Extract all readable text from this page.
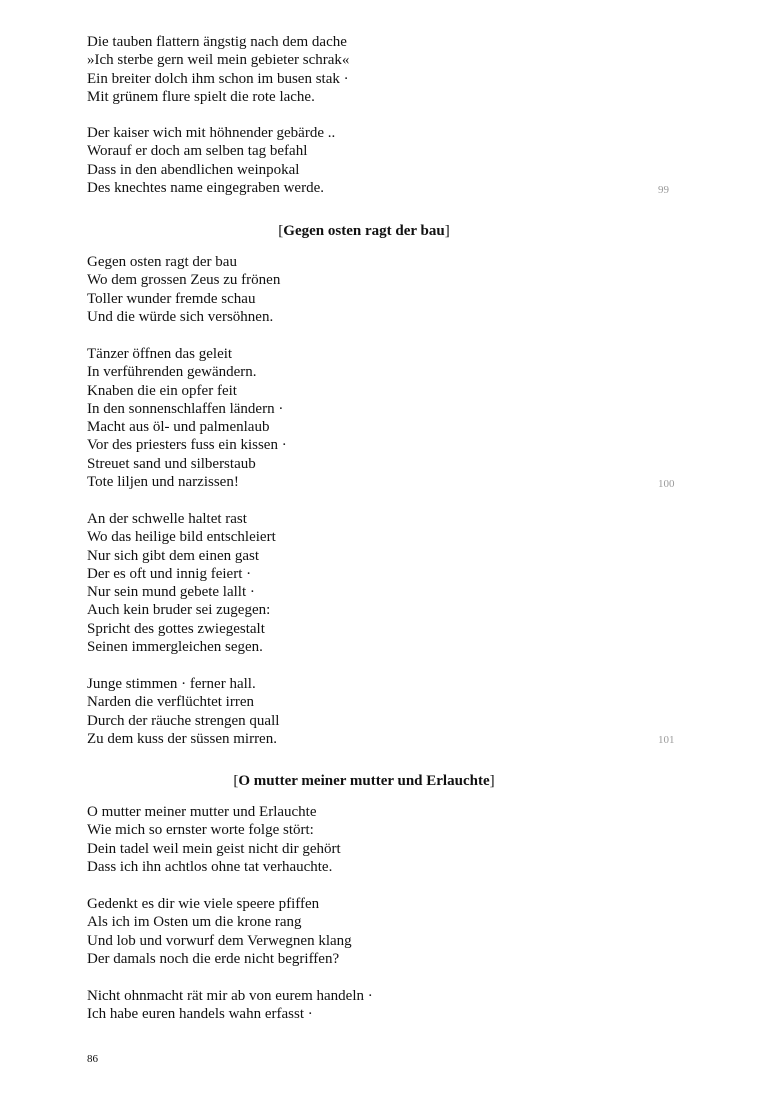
Die tauben flattern ängstig nach dem dache
»Ich sterbe gern weil mein gebieter schrak«
Ein breiter dolch ihm schon im busen stak ·
Mit grünem flure spielt die rote lache.
Der kaiser wich mit höhnender gebärde ..
Worauf er doch am selben tag befahl
Dass in den abendlichen weinpokal
Des knechtes name eingegraben werde.	99
[Gegen osten ragt der bau]
Gegen osten ragt der bau
Wo dem grossen Zeus zu frönen
Toller wunder fremde schau
Und die würde sich versöhnen.
Tänzer öffnen das geleit
In verführenden gewändern.
Knaben die ein opfer feit
In den sonnenschlaffen ländern ·
Macht aus öl- und palmenlaub
Vor des priesters fuss ein kissen ·
Streuet sand und silberstaub
Tote liljen und narzissen!	100
An der schwelle haltet rast
Wo das heilige bild entschleiert
Nur sich gibt dem einen gast
Der es oft und innig feiert ·
Nur sein mund gebete lallt ·
Auch kein bruder sei zugegen:
Spricht des gottes zwiegestalt
Seinen immergleichen segen.
Junge stimmen · ferner hall.
Narden die verflüchtet irren
Durch der räuche strengen quall
Zu dem kuss der süssen mirren.	101
[O mutter meiner mutter und Erlauchte]
O mutter meiner mutter und Erlauchte
Wie mich so ernster worte folge stört:
Dein tadel weil mein geist nicht dir gehört
Dass ich ihn achtlos ohne tat verhauchte.
Gedenkt es dir wie viele speere pfiffen
Als ich im Osten um die krone rang
Und lob und vorwurf dem Verwegnen klang
Der damals noch die erde nicht begriffen?
Nicht ohnmacht rät mir ab von eurem handeln ·
Ich habe euren handels wahn erfasst ·
86
